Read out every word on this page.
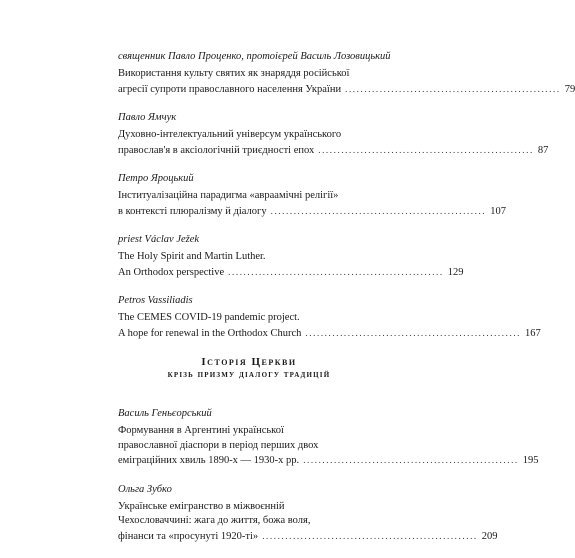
священник Павло Проценко, протоієрей Василь Лозовицький
Використання культу святих як знаряддя російської
агресії супроти православного населення України ........................................................ 79
Павло Ямчук
Духовно-інтелектуальний універсум українського
православ'я в аксіологічній триєдності епох ........................................................ 87
Петро Яроцький
Інституалізаційна парадигма «авраамічні релігії»
в контексті плюралізму й діалогу ........................................................ 107
priest Václav Ježek
The Holy Spirit and Martin Luther.
An Orthodox perspective ........................................................ 129
Petros Vassiliadis
The CEMES COVID-19 pandemic project.
A hope for renewal in the Orthodox Church ........................................................ 167
Історія Церкви
крізь призму діалогу традицій
Василь Геньєорський
Формування в Аргентині української
православної діаспори в період перших двох
еміграційних хвиль 1890-х — 1930-х рр. ........................................................ 195
Ольга Зубко
Українське емігранство в міжвоєнній
Чехословаччині: жага до життя, божа воля,
фінанси та «просунуті 1920-ті» ........................................................ 209
